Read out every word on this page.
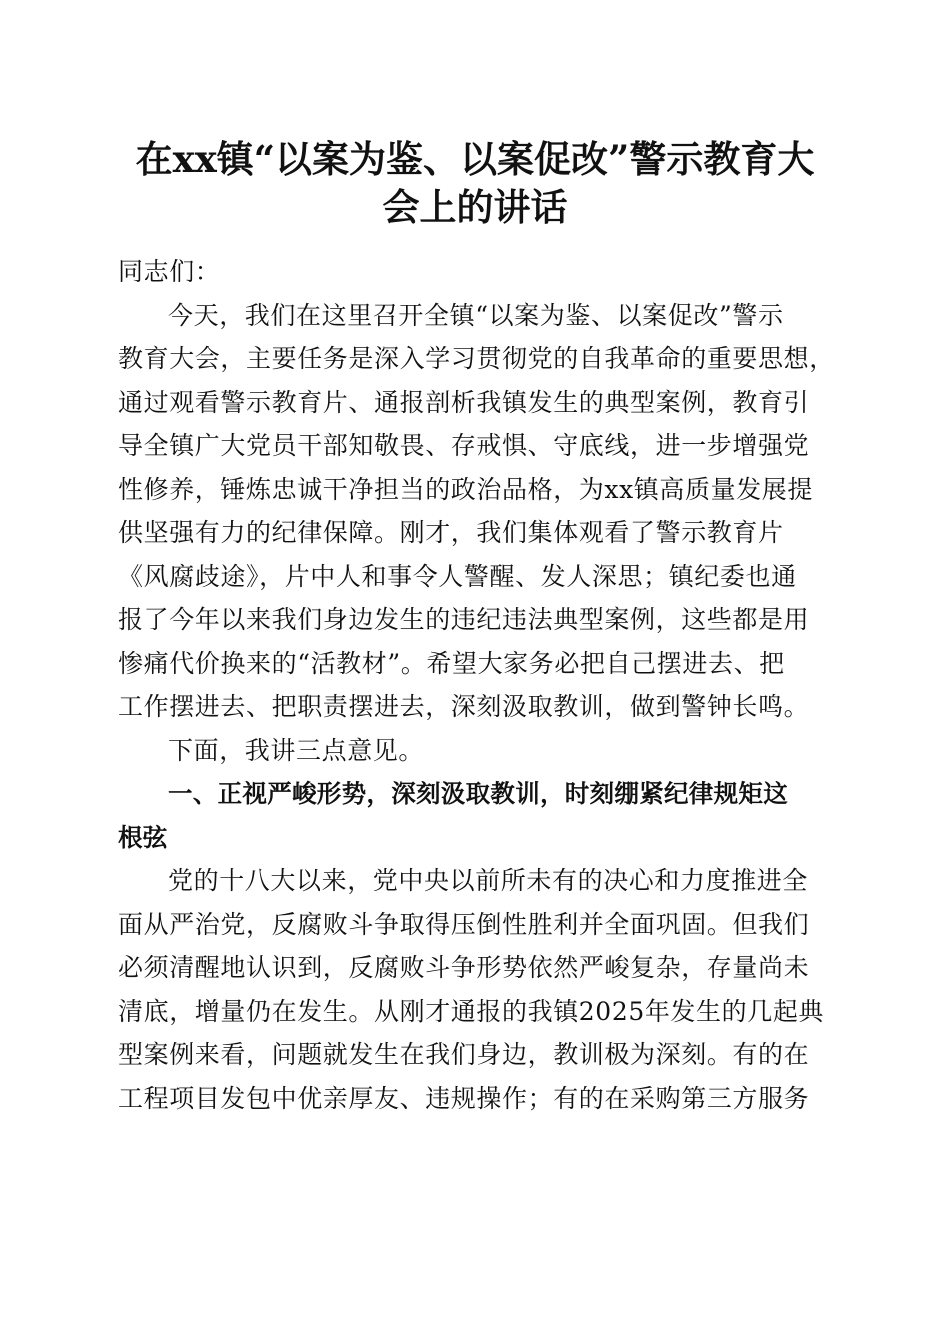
在xx镇“以案为鉴、以案促改”警示教育大
会上的讲话
同志们：
今天，我们在这里召开全镇“以案为鉴、以案促改”警示
教育大会，主要任务是深入学习贯彻党的自我革命的重要思想，
通过观看警示教育片、通报剖析我镇发生的典型案例，教育引
导全镇广大党员干部知敬畏、存戒惧、守底线，进一步增强党
性修养，锤炼忠诚干净担当的政治品格，为xx镇高质量发展提
供坚强有力的纪律保障。刚才，我们集体观看了警示教育片
《风腐歧途》，片中人和事令人警醒、发人深思；镇纪委也通
报了今年以来我们身边发生的违纪违法典型案例，这些都是用
惨痛代价换来的“活教材”。希望大家务必把自己摆进去、把
工作摆进去、把职责摆进去，深刻汲取教训，做到警钟长鸣。
下面，我讲三点意见。
一、正视严峻形势，深刻汲取教训，时刻绷紧纪律规矩这
根弦
党的十八大以来，党中央以前所未有的决心和力度推进全
面从严治党，反腐败斗争取得压倒性胜利并全面巩固。但我们
必须清醒地认识到，反腐败斗争形势依然严峻复杂，存量尚未
清底，增量仍在发生。从刚才通报的我镇2025年发生的几起典
型案例来看，问题就发生在我们身边，教训极为深刻。有的在
工程项目发包中优亲厚友、违规操作；有的在采购第三方服务
